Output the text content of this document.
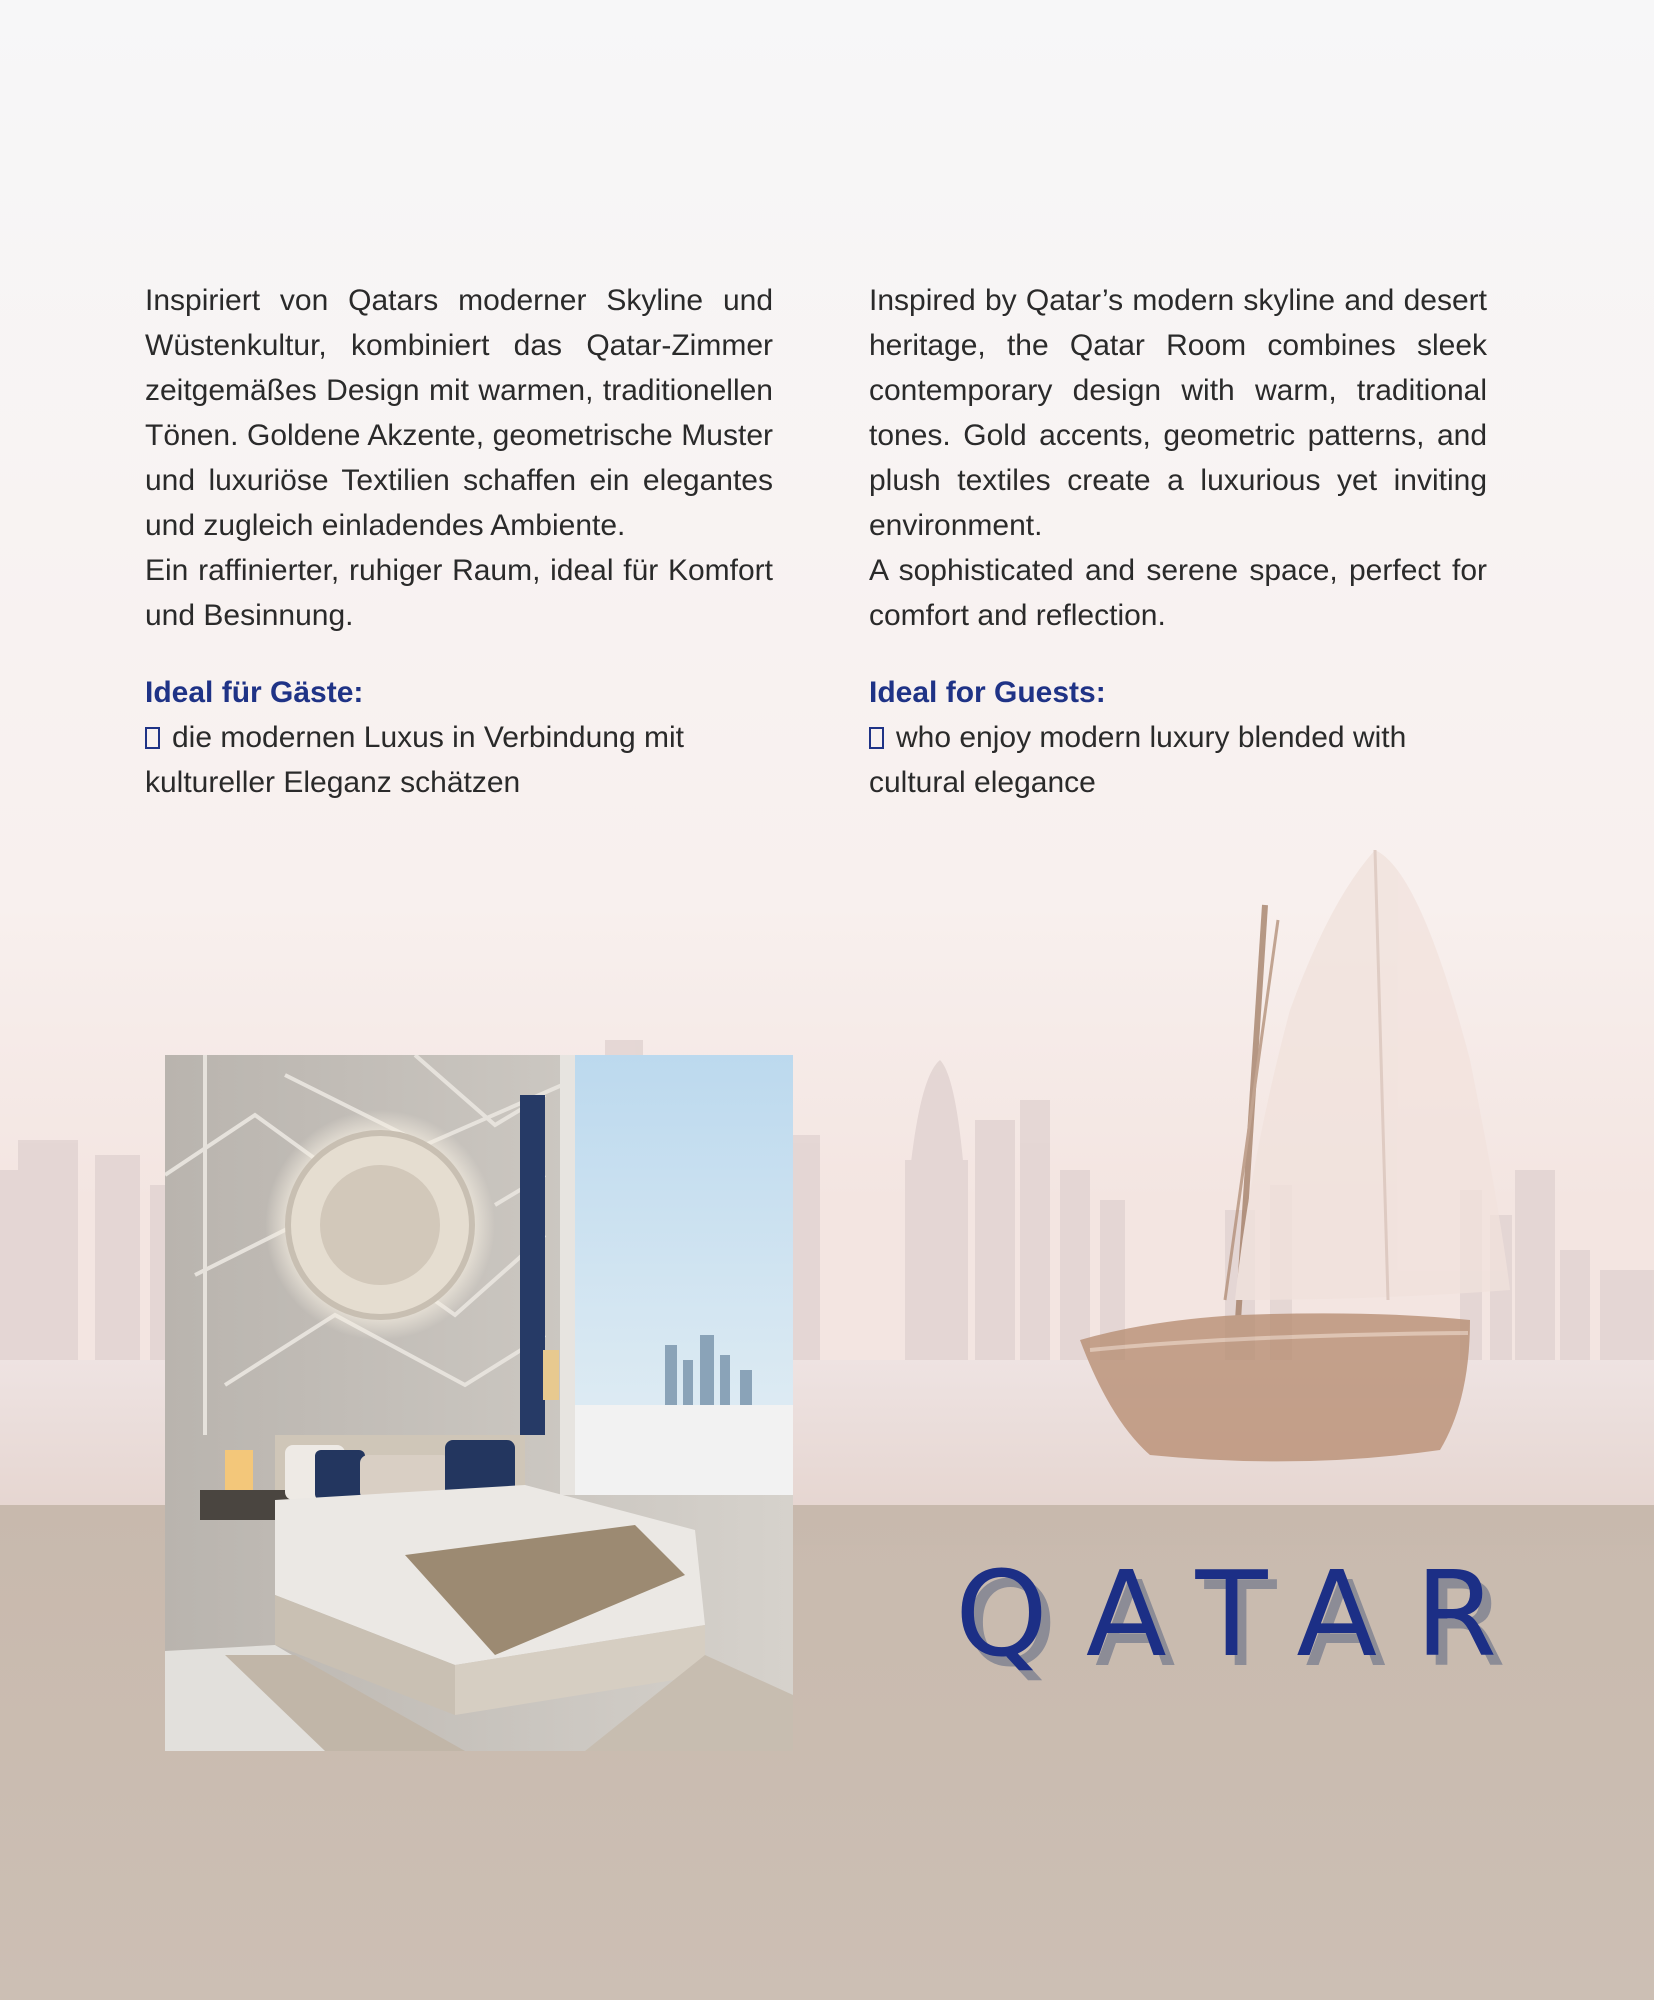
Inspiriert von Qatars moderner Skyline und Wüstenkultur, kombiniert das Qatar-Zimmer zeitgemäßes Design mit warmen, traditionellen Tönen. Goldene Akzente, geometrische Muster und luxuriöse Textilien schaffen ein elegantes und zugleich einladendes Ambiente.

Ein raffinierter, ruhiger Raum, ideal für Komfort und Besinnung.

Ideal für Gäste:

die modernen Luxus in Verbindung mit kultureller Eleganz schätzen

Inspired by Qatar’s modern skyline and desert heritage, the Qatar Room combines sleek contemporary design with warm, traditional tones. Gold accents, geometric patterns, and plush textiles create a luxurious yet inviting environment.

A sophisticated and serene space, perfect for comfort and reflection.

Ideal for Guests:

who enjoy modern luxury blended with cultural elegance

QATAR
